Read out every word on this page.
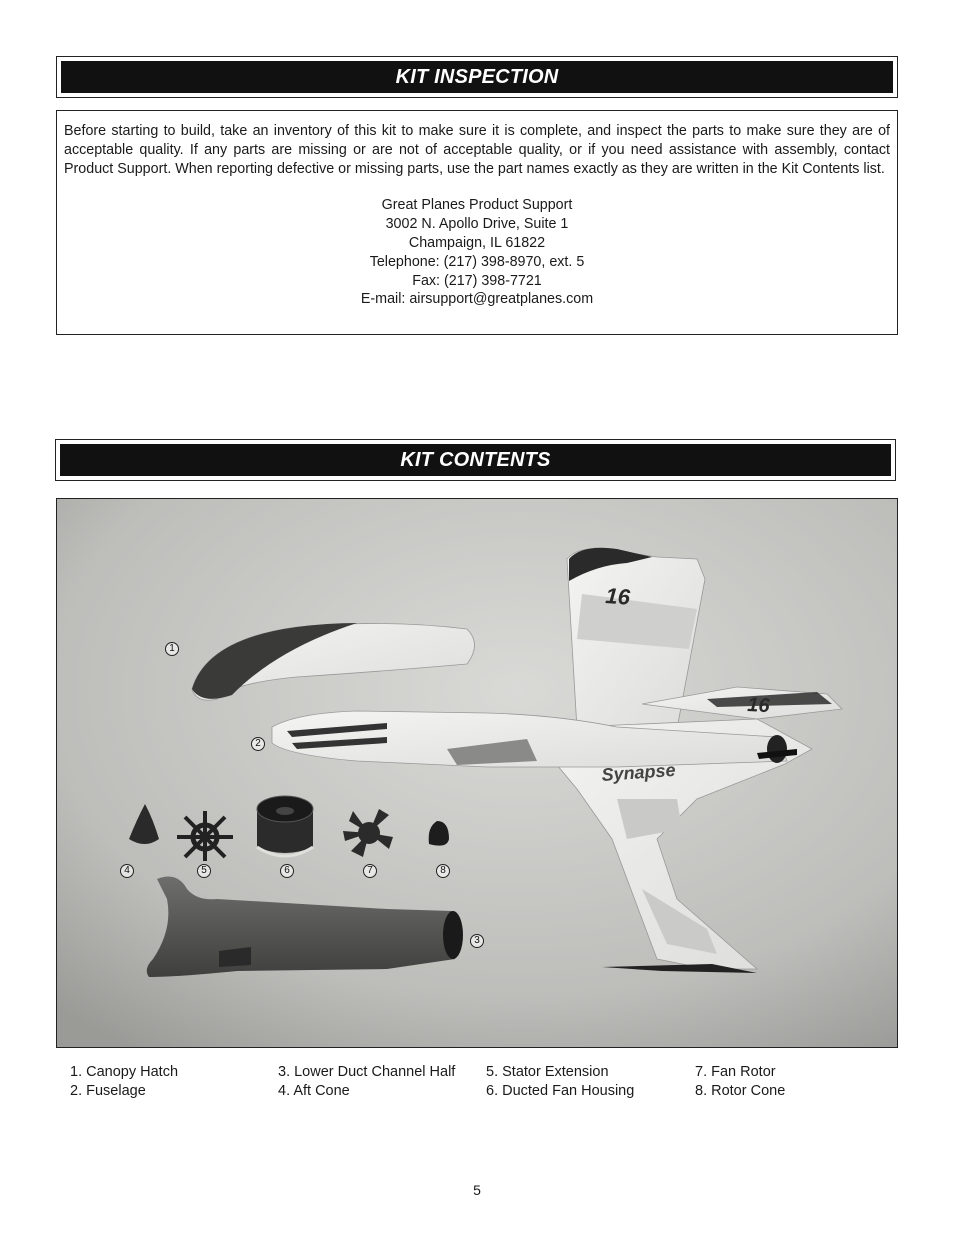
KIT INSPECTION

Before starting to build, take an inventory of this kit to make sure it is complete, and inspect the parts to make sure they are of acceptable quality. If any parts are missing or are not of acceptable quality, or if you need assistance with assembly, contact Product Support. When reporting defective or missing parts, use the part names exactly as they are written in the Kit Contents list.

Great Planes Product Support
3002 N. Apollo Drive, Suite 1
Champaign, IL 61822
Telephone: (217) 398-8970, ext. 5
Fax: (217) 398-7721
E-mail: airsupport@greatplanes.com
KIT CONTENTS
16
16
Synapse
1
2
3
4	5	6	7	8
1. Canopy Hatch
2. Fuselage
3. Lower Duct Channel Half
4. Aft Cone
5. Stator Extension
6. Ducted Fan Housing
7. Fan Rotor
8. Rotor Cone
5
